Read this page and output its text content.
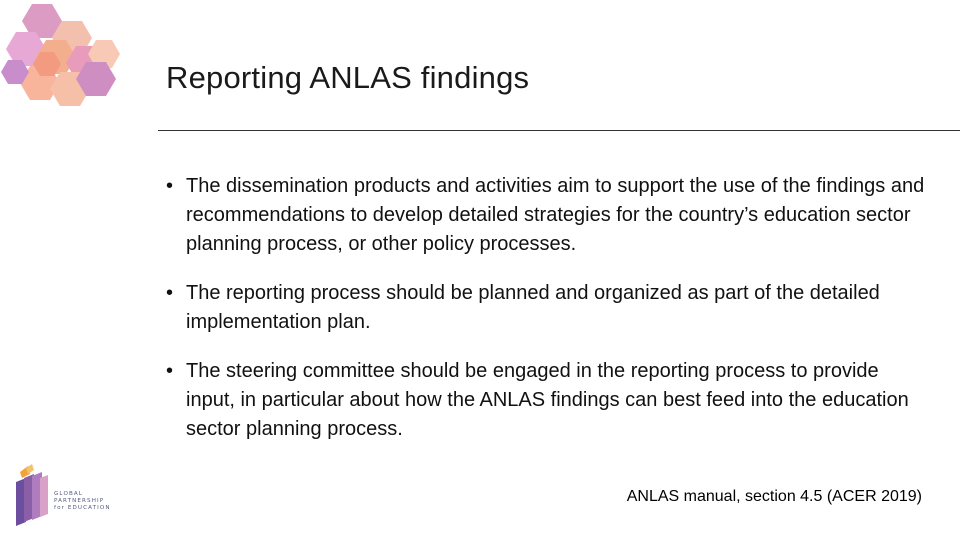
Reporting ANLAS findings
• The dissemination products and activities aim to support the use of the findings and recommendations to develop detailed strategies for the country’s education sector planning process, or other policy processes.
• The reporting process should be planned and organized as part of the detailed implementation plan.
• The steering committee should be engaged in the reporting process to provide input, in particular about how the ANLAS findings can best feed into the education sector planning process.
ANLAS manual, section 4.5 (ACER 2019)
GLOBAL
PARTNERSHIP
for EDUCATION
